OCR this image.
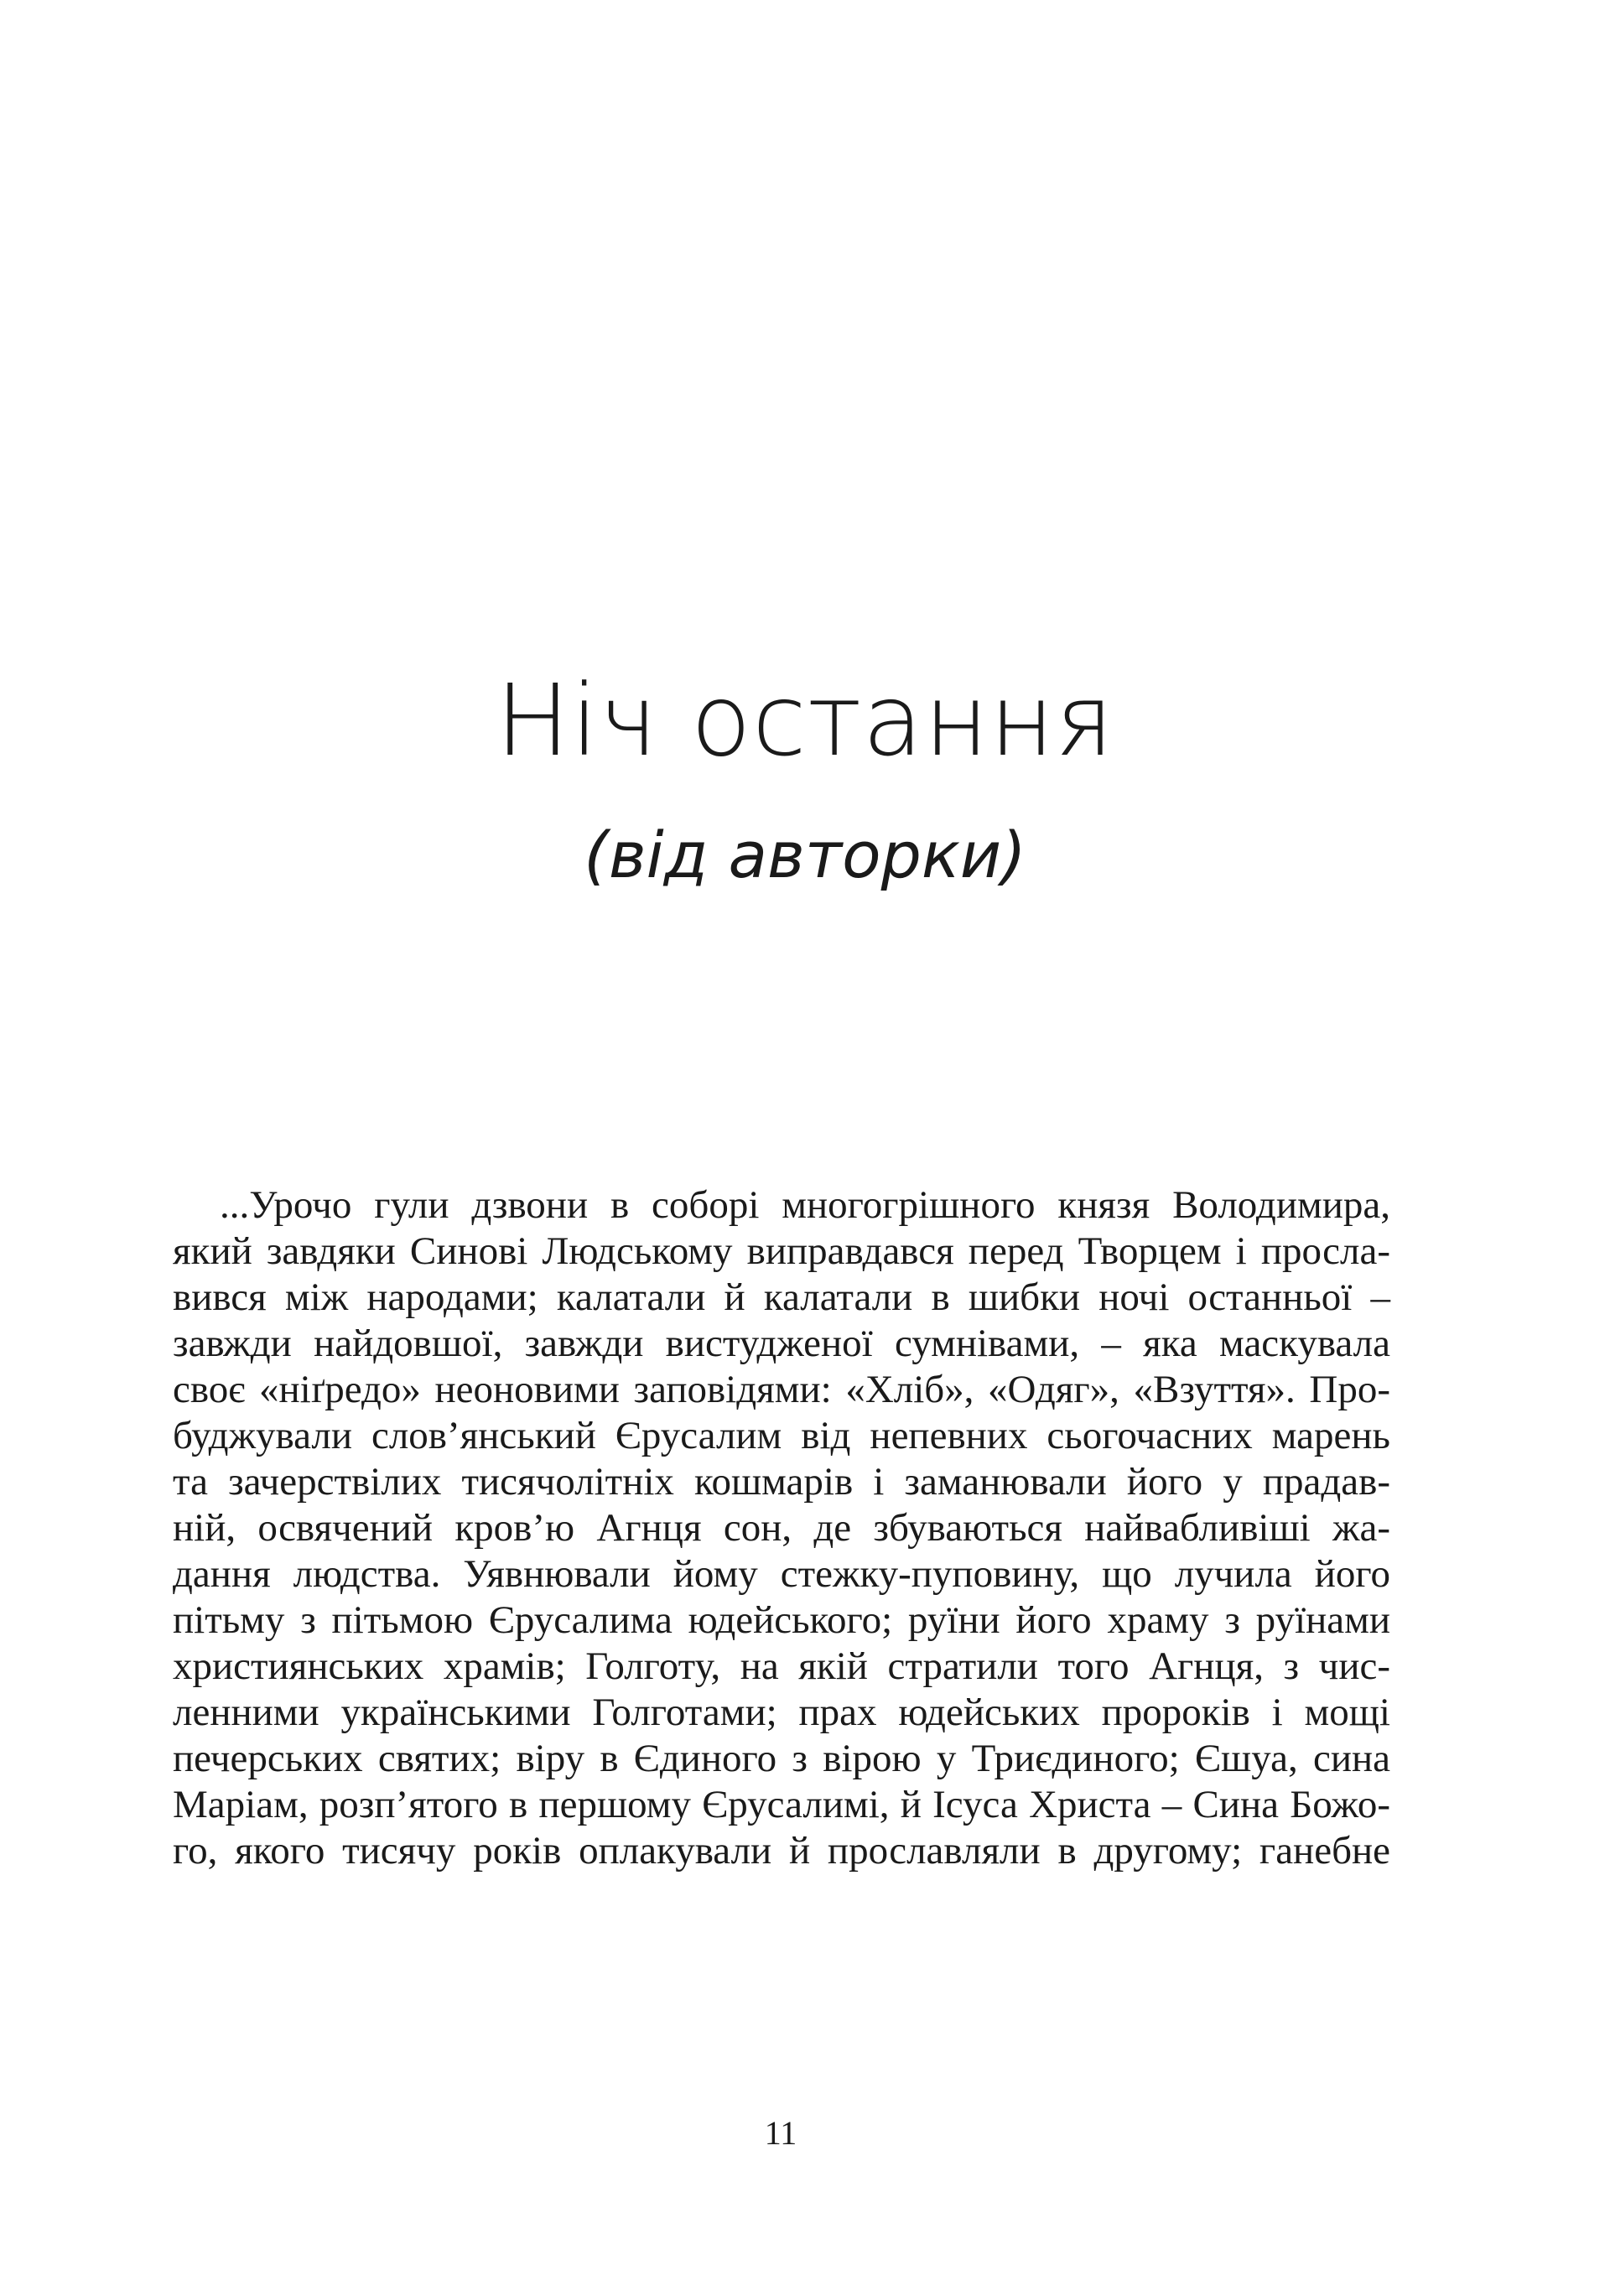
Ніч остання
(від авторки)
...Урочо гули дзвони в соборі многогрішного князя Володимира,
який завдяки Синові Людському виправдався перед Творцем і просла-
вився між народами; калатали й калатали в шибки ночі останньої –
завжди найдовшої, завжди вистудженої сумнівами, – яка маскувала
своє «ніґредо» неоновими заповідями: «Хліб», «Одяг», «Взуття». Про-
буджували слов’янський Єрусалим від непевних сьогочасних марень
та зачерствілих тисячолітніх кошмарів і заманювали його у прадав-
ній, освячений кров’ю Агнця сон, де збуваються найвабливіші жа-
дання людства. Уявнювали йому стежку-пуповину, що лучила його
пітьму з пітьмою Єрусалима юдейського; руїни його храму з руїнами
християнських храмів; Голготу, на якій стратили того Агнця, з чис-
ленними українськими Голготами; прах юдейських пророків і мощі
печерських святих; віру в Єдиного з вірою у Триєдиного; Єшуа, сина
Маріам, розп’ятого в першому Єрусалимі, й Ісуса Христа – Сина Божо-
го, якого тисячу років оплакували й прославляли в другому; ганебне
11
